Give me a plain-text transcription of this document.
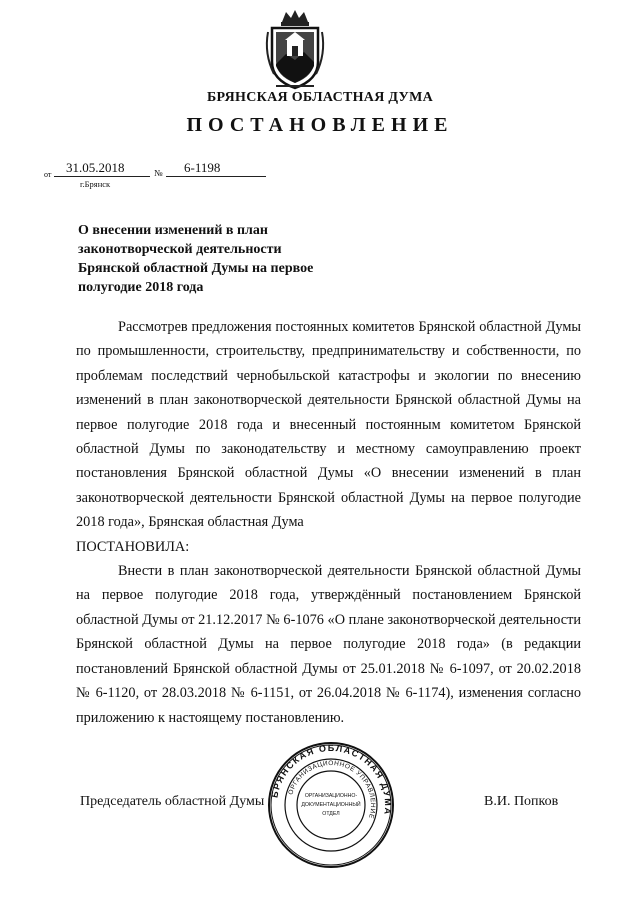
БРЯНСКАЯ ОБЛАСТНАЯ ДУМА
ПОСТАНОВЛЕНИЕ
от 31.05.2018	№ 6-1198
г.Брянск
О внесении изменений в план законотворческой деятельности Брянской областной Думы на первое полугодие 2018 года

Рассмотрев предложения постоянных комитетов Брянской областной Думы по промышленности, строительству, предпринимательству и собственности, по проблемам последствий чернобыльской катастрофы и экологии по внесению изменений в план законотворческой деятельности Брянской областной Думы на первое полугодие 2018 года и внесенный постоянным комитетом Брянской областной Думы по законодательству и местному самоуправлению проект постановления Брянской областной Думы «О внесении изменений в план законотворческой деятельности Брянской областной Думы на первое полугодие 2018 года», Брянская областная Дума

ПОСТАНОВИЛА:

Внести в план законотворческой деятельности Брянской областной Думы на первое полугодие 2018 года, утверждённый постановлением Брянской областной Думы от 21.12.2017 № 6-1076 «О плане законотворческой деятельности Брянской областной Думы на первое полугодие 2018 года» (в редакции постановлений Брянской областной Думы от 25.01.2018 № 6-1097, от 20.02.2018 № 6-1120, от 28.03.2018 № 6-1151, от 26.04.2018 № 6-1174), изменения согласно приложению к настоящему постановлению.

Председатель областной Думы	В.И. Попков
БРЯНСКАЯ ОБЛАСТНАЯ ДУМА
ОРГАНИЗАЦИОННОЕ УПРАВЛЕНИЕ
ОРГАНИЗАЦИОННО-
ДОКУМЕНТАЦИОННЫЙ
ОТДЕЛ
